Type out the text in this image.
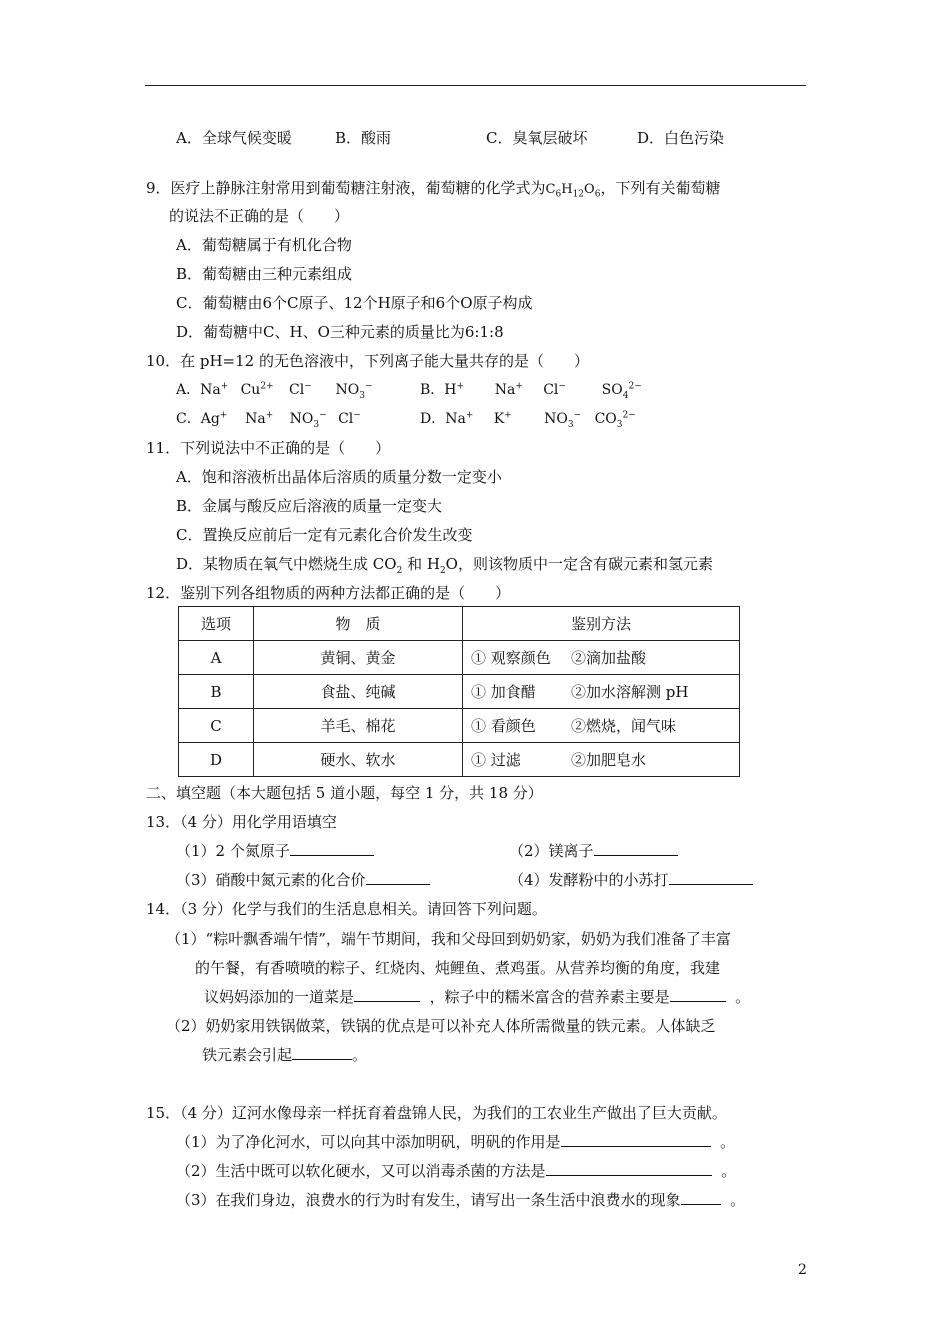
A．全球气候变暖	B．酸雨	C．臭氧层破坏	D．白色污染
9．医疗上静脉注射常用到葡萄糖注射液，葡萄糖的化学式为$C_6H_{12}O_6$，下列有关葡萄糖
的说法不正确的是（　　）
A．葡萄糖属于有机化合物
B．葡萄糖由三种元素组成
C．葡萄糖由6个C原子、12个H原子和6个O原子构成
D．葡萄糖中C、H、O三种元素的质量比为6:1:8
10．在 pH=12 的无色溶液中，下列离子能大量共存的是（　　）
A．Na+ $Cu^{2+}$ Cl− $NO_3^-$	B．H+ Na+ Cl−	$SO_4^{2-}$
C．Ag+ Na+ $NO_3^-$ Cl−	D．Na+ K+ $NO_3^-$ $CO_3^{2-}$
11．下列说法中不正确的是（　　）
A．饱和溶液析出晶体后溶质的质量分数一定变小
B．金属与酸反应后溶液的质量一定变大
C．置换反应前后一定有元素化合价发生改变
D．某物质在氧气中燃烧生成 $CO_2$ 和 $H_2O$，则该物质中一定含有碳元素和氢元素
12．鉴别下列各组物质的两种方法都正确的是（　　）
选项	物　质	鉴别方法
A	黄铜、黄金	① 观察颜色 ②滴加盐酸
B	食盐、纯碱	① 加食醋 ②加水溶解测 pH
C	羊毛、棉花	① 看颜色 ②燃烧，闻气味
D	硬水、软水	① 过滤 ②加肥皂水
二、填空题（本大题包括 5 道小题，每空 1 分，共 18 分）
13．（4 分）用化学用语填空
（1）2 个氮原子	（2）镁离子
（3）硝酸中氮元素的化合价	（4）发酵粉中的小苏打
14．（3 分）化学与我们的生活息息相关。请回答下列问题。
（1）“粽叶飘香端午情”，端午节期间，我和父母回到奶奶家，奶奶为我们准备了丰富
的午餐，有香喷喷的粽子、红烧肉、炖鲤鱼、煮鸡蛋。从营养均衡的角度，我建
议妈妈添加的一道菜是	，粽子中的糯米富含的营养素主要是	。
（2）奶奶家用铁锅做菜，铁锅的优点是可以补充人体所需微量的铁元素。人体缺乏
铁元素会引起	。
15．（4 分）辽河水像母亲一样抚育着盘锦人民，为我们的工农业生产做出了巨大贡献。
（1）为了净化河水，可以向其中添加明矾，明矾的作用是	。
（2）生活中既可以软化硬水，又可以消毒杀菌的方法是	。
（3）在我们身边，浪费水的行为时有发生，请写出一条生活中浪费水的现象	。
2
